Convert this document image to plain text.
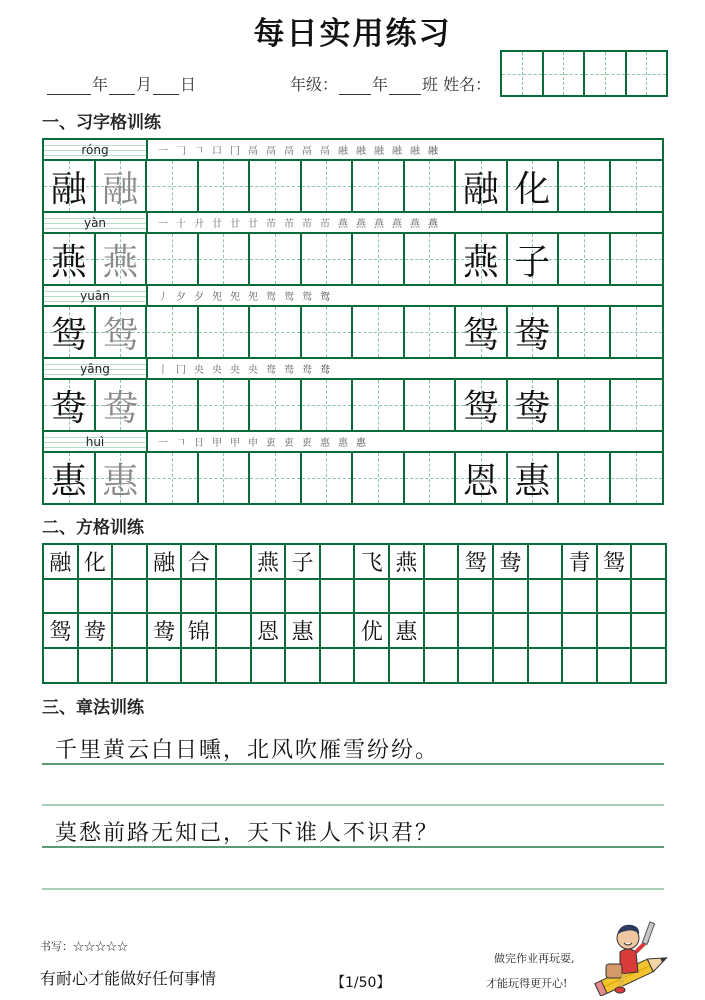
每日实用练习
年 月 日	年级： 年 班 姓名：
一、习字格训练
róng	一 𠃌 𠃍 口 冂 鬲 鬲 鬲 鬲 鬲 融 融 融 融 融 融
融 融	融 化
yàn	一 十 廾 廿 廿 廿 芇 芇 芇 芇 燕 燕 燕 燕 燕 燕
燕 燕	燕 子
yuān	丿 夕 夕 夗 夗 夗 鸳 鸳 鸳 鸳
鸳 鸳	鸳 鸯
yāng	丨 冂 央 央 央 央 鸯 鸯 鸯 鸯
鸯 鸯	鸳 鸯
huì	一 𠃍 日 甲 甲 申 叀 叀 叀 惠 惠 惠
惠 惠	恩 惠
二、方格训练
融 化	融 合	燕 子	飞 燕	鸳 鸯	青 鸳
鸳 鸯	鸯 锦	恩 惠	优 惠
三、章法训练
千里黄云白日曛，北风吹雁雪纷纷。
莫愁前路无知己，天下谁人不识君？
书写：☆☆☆☆☆
有耐心才能做好任何事情	【1/50】
做完作业再玩耍,
才能玩得更开心!
